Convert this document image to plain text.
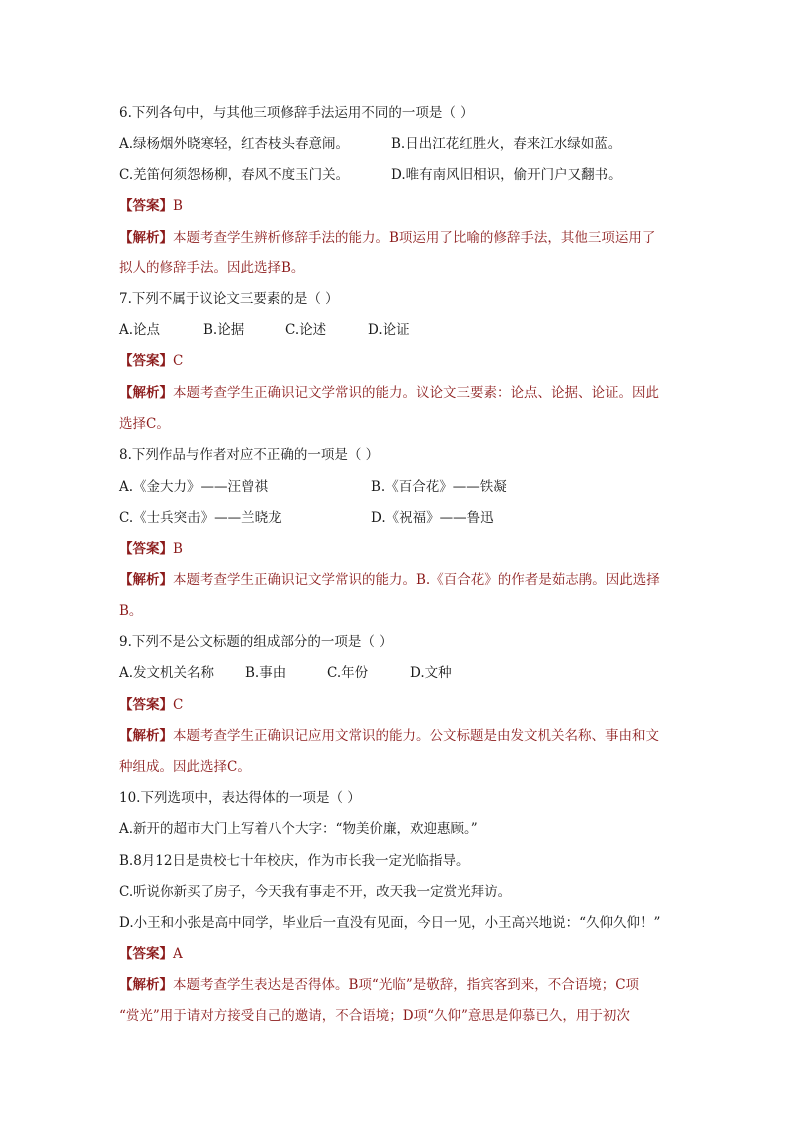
6.下列各句中，与其他三项修辞手法运用不同的一项是（ ）
A.绿杨烟外晓寒轻，红杏枝头春意闹。	B.日出江花红胜火，春来江水绿如蓝。
C.羌笛何须怨杨柳，春风不度玉门关。	D.唯有南风旧相识，偷开门户又翻书。
【答案】B
【解析】本题考查学生辨析修辞手法的能力。B项运用了比喻的修辞手法，其他三项运用了
拟人的修辞手法。因此选择B。
7.下列不属于议论文三要素的是（ ）
A.论点	B.论据	C.论述	D.论证
【答案】C
【解析】本题考查学生正确识记文学常识的能力。议论文三要素：论点、论据、论证。因此
选择C。
8.下列作品与作者对应不正确的一项是（ ）
A.《金大力》——汪曾祺	B.《百合花》——铁凝
C.《士兵突击》——兰晓龙	D.《祝福》——鲁迅
【答案】B
【解析】本题考查学生正确识记文学常识的能力。B.《百合花》的作者是茹志鹃。因此选择
B。
9.下列不是公文标题的组成部分的一项是（ ）
A.发文机关名称 B.事由	C.年份	D.文种
【答案】C
【解析】本题考查学生正确识记应用文常识的能力。公文标题是由发文机关名称、事由和文
种组成。因此选择C。
10.下列选项中，表达得体的一项是（ ）
A.新开的超市大门上写着八个大字：“物美价廉，欢迎惠顾。”
B.8月12日是贵校七十年校庆，作为市长我一定光临指导。
C.听说你新买了房子，今天我有事走不开，改天我一定赏光拜访。
D.小王和小张是高中同学，毕业后一直没有见面，今日一见，小王高兴地说：“久仰久仰！”
【答案】A
【解析】本题考查学生表达是否得体。B项“光临”是敬辞，指宾客到来，不合语境；C项
“赏光”用于请对方接受自己的邀请，不合语境；D项“久仰”意思是仰慕已久，用于初次
